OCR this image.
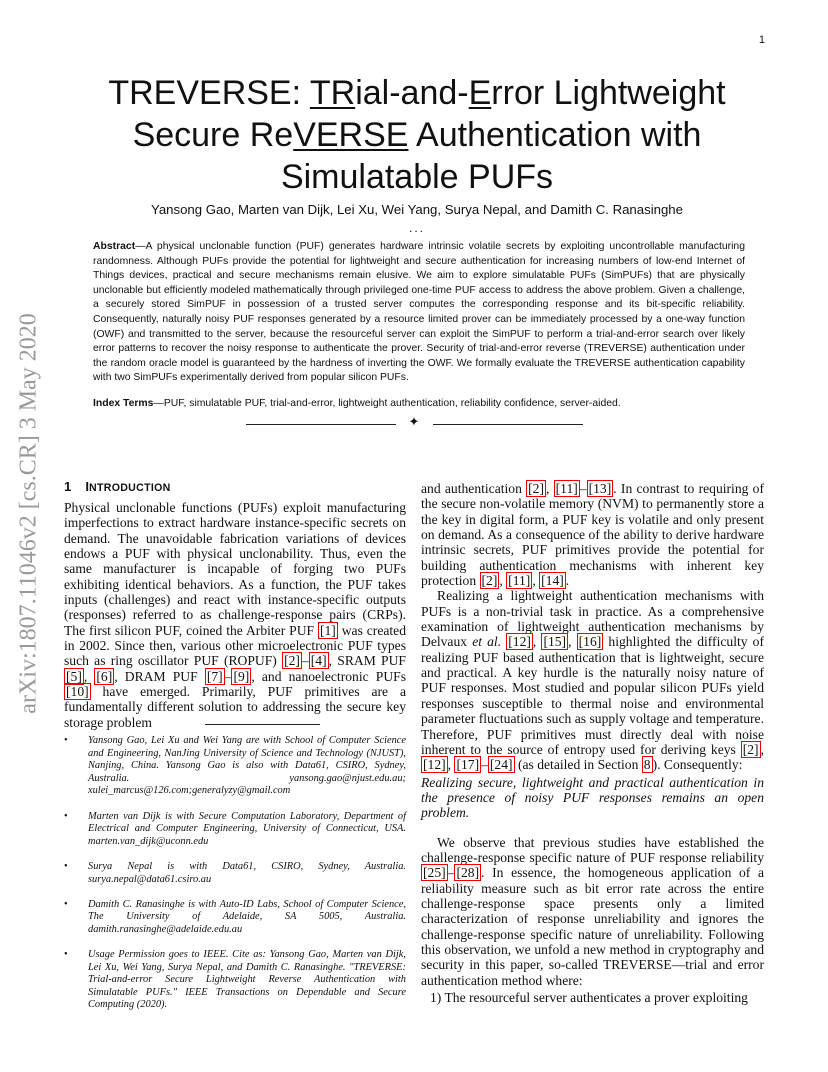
1
TREVERSE: TRial-and-Error Lightweight
Secure ReVERSE Authentication with
Simulatable PUFs
Yansong Gao, Marten van Dijk, Lei Xu, Wei Yang, Surya Nepal, and Damith C. Ranasinghe
...
Abstract—A physical unclonable function (PUF) generates hardware intrinsic volatile secrets by exploiting uncontrollable manufacturing randomness. Although PUFs provide the potential for lightweight and secure authentication for increasing numbers of low-end Internet of Things devices, practical and secure mechanisms remain elusive. We aim to explore simulatable PUFs (SimPUFs) that are physically unclonable but efficiently modeled mathematically through privileged one-time PUF access to address the above problem. Given a challenge, a securely stored SimPUF in possession of a trusted server computes the corresponding response and its bit-specific reliability. Consequently, naturally noisy PUF responses generated by a resource limited prover can be immediately processed by a one-way function (OWF) and transmitted to the server, because the resourceful server can exploit the SimPUF to perform a trial-and-error search over likely error patterns to recover the noisy response to authenticate the prover. Security of trial-and-error reverse (TREVERSE) authentication under the random oracle model is guaranteed by the hardness of inverting the OWF. We formally evaluate the TREVERSE authentication capability with two SimPUFs experimentally derived from popular silicon PUFs.
Index Terms—PUF, simulatable PUF, trial-and-error, lightweight authentication, reliability confidence, server-aided.
✦
arXiv:1807.11046v2 [cs.CR] 3 May 2020 1 INTRODUCTION

Physical unclonable functions (PUFs) exploit manufacturing imperfections to extract hardware instance-specific secrets on demand. The unavoidable fabrication variations of devices endows a PUF with physical unclonability. Thus, even the same manufacturer is incapable of forging two PUFs exhibiting identical behaviors. As a function, the PUF takes inputs (challenges) and react with instance-specific outputs (responses) referred to as challenge-response pairs (CRPs). The first silicon PUF, coined the Arbiter PUF [1] was created in 2002. Since then, various other microelectronic PUF types such as ring oscillator PUF (ROPUF) [2] – [4] , SRAM PUF [5] , [6] , DRAM PUF [7] – [9] , and nanoelectronic PUFs [10] have emerged. Primarily, PUF primitives are a fundamentally different solution to addressing the secure key storage problem

• Yansong Gao, Lei Xu and Wei Yang are with School of Computer Science and Engineering, NanJing University of Science and Technology (NJUST), Nanjing, China. Yansong Gao is also with Data61, CSIRO, Sydney, Australia. yansong.gao@njust.edu.au; xulei_marcus@126.com;generalyzy@gmail.com
• Marten van Dijk is with Secure Computation Laboratory, Department of Electrical and Computer Engineering, University of Connecticut, USA. marten.van_dijk@uconn.edu
• Surya Nepal is with Data61, CSIRO, Sydney, Australia. surya.nepal@data61.csiro.au
• Damith C. Ranasinghe is with Auto-ID Labs, School of Computer Science, The University of Adelaide, SA 5005, Australia. damith.ranasinghe@adelaide.edu.au
• Usage Permission goes to IEEE. Cite as: Yansong Gao, Marten van Dijk, Lei Xu, Wei Yang, Surya Nepal, and Damith C. Ranasinghe. "TREVERSE: Trial-and-error Secure Lightweight Reverse Authentication with Simulatable PUFs." IEEE Transactions on Dependable and Secure Computing (2020).

and authentication [2] , [11] – [13] . In contrast to requiring of the secure non-volatile memory (NVM) to permanently store a the key in digital form, a PUF key is volatile and only present on demand. As a consequence of the ability to derive hardware intrinsic secrets, PUF primitives provide the potential for building authentication mechanisms with inherent key protection [2] , [11] , [14] .

Realizing a lightweight authentication mechanisms with PUFs is a non-trivial task in practice. As a comprehensive examination of lightweight authentication mechanisms by Delvaux et al. [12] , [15] , [16] highlighted the difficulty of realizing PUF based authentication that is lightweight, secure and practical. A key hurdle is the naturally noisy nature of PUF responses. Most studied and popular silicon PUFs yield responses susceptible to thermal noise and environmental parameter fluctuations such as supply voltage and temperature. Therefore, PUF primitives must directly deal with noise inherent to the source of entropy used for deriving keys [2] , [12] , [17] – [24] (as detailed in Section 8 ). Consequently:

Realizing secure, lightweight and practical authentication in the presence of noisy PUF responses remains an open problem.

We observe that previous studies have established the challenge-response specific nature of PUF response reliability [25] – [28] . In essence, the homogeneous application of a reliability measure such as bit error rate across the entire challenge-response space presents only a limited characterization of response unreliability and ignores the challenge-response specific nature of unreliability. Following this observation, we unfold a new method in cryptography and security in this paper, so-called TREVERSE—trial and error authentication method where:

1) The resourceful server authenticates a prover exploiting
